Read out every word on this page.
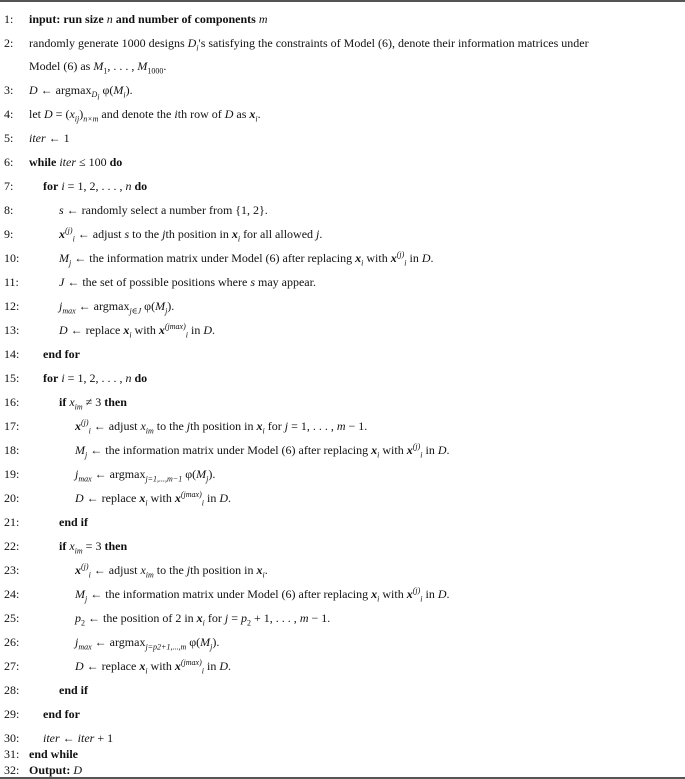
1: input: run size n and number of components m
2: randomly generate 1000 designs $D_i's$ satisfying the constraints of Model (6), denote their information matrices under
Model (6) as $M_1$, . . . , $M_{1000}$.
3: D ← argmax$_{D_i}$ $\varphi(M_i)$.
4: let $D = (x_{ij})_{n\times m}$ and denote the ith row of D as $x_i$.
5: iter ← 1
6: while iter ≤ 100 do
7: for i = 1, 2, . . . , n do
8:	s ← randomly select a number from {1, 2}.
9:	$x^{(j)}_i$ ← adjust s to the jth position in $x_i$ for all allowed j.
10:	$M_j$ ← the information matrix under Model (6) after replacing $x_i$ with $x^{(j)}_i$ in D.
11:	J ← the set of possible positions where s may appear.
12:	$j_{max}$ ← argmax$_{j\in J}$ $\varphi(M_j)$.
13:	D ← replace $x_i$ with $x^{(jmax)}_i$ in D.
14: end for
15: for i = 1, 2, . . . , n do
16:	if $x_{im} \ne 3$ then
17:	$x^{(j)}_i$ ← adjust $x_{im}$ to the jth position in $x_i$ for j = 1, . . . , m − 1.
18:	$M_j$ ← the information matrix under Model (6) after replacing $x_i$ with $x^{(j)}_i$ in D.
19:	$j_{max}$ ← argmax$_{j=1,...,m-1}$ $\varphi(M_j)$.
20:	D ← replace $x_i$ with $x^{(jmax)}_i$ in D.
21:	end if
22:	if $x_{im} = 3$ then
23:	$x^{(j)}_i$ ← adjust $x_{im}$ to the jth position in $x_i$.
24:	$M_j$ ← the information matrix under Model (6) after replacing $x_i$ with $x^{(j)}_i$ in D.
25:	$p_2$ ← the position of 2 in $x_i$ for $j = p_2 + 1$, . . . , m − 1.
26:	$j_{max}$ ← argmax$_{j=p2+1,...,m}$ $\varphi(M_j)$.
27:	D ← replace $x_i$ with $x^{(jmax)}_i$ in D.
28:	end if
29: end for
30: iter ← iter + 1
31: end while
32: Output: D
